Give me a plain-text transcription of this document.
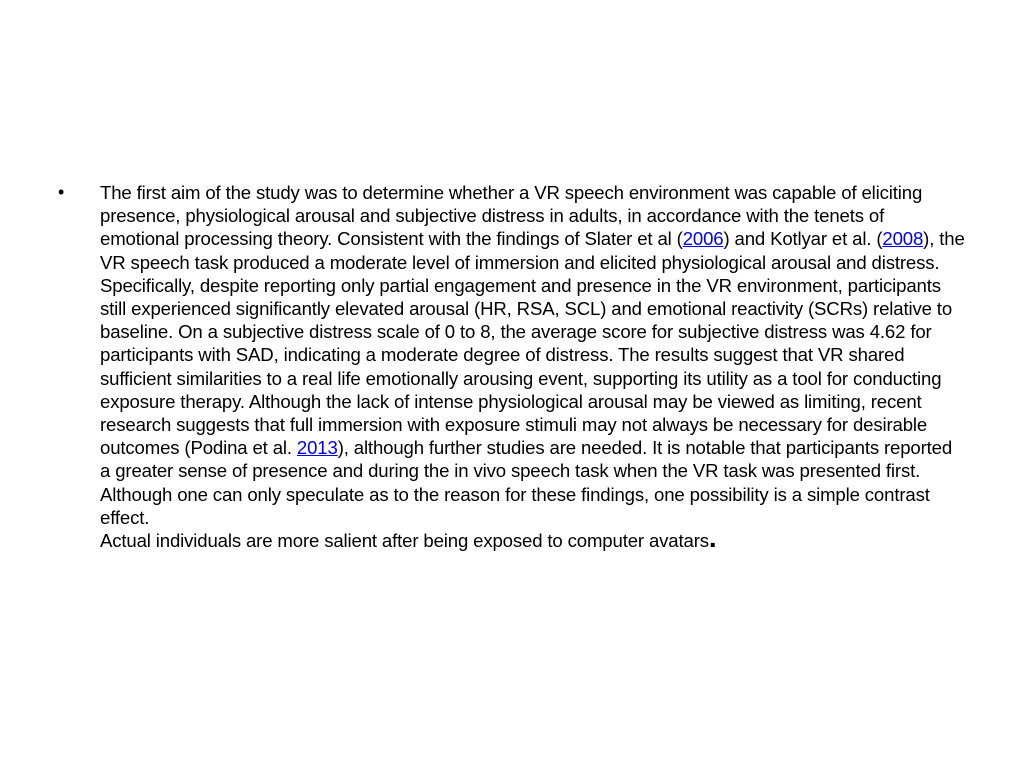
•	The first aim of the study was to determine whether a VR speech environment was capable of eliciting presence, physiological arousal and subjective distress in adults, in accordance with the tenets of emotional processing theory. Consistent with the findings of Slater et al (2006) and Kotlyar et al. (2008), the VR speech task produced a moderate level of immersion and elicited physiological arousal and distress. Specifically, despite reporting only partial engagement and presence in the VR environment, participants still experienced significantly elevated arousal (HR, RSA, SCL) and emotional reactivity (SCRs) relative to baseline. On a subjective distress scale of 0 to 8, the average score for subjective distress was 4.62 for participants with SAD, indicating a moderate degree of distress. The results suggest that VR shared sufficient similarities to a real life emotionally arousing event, supporting its utility as a tool for conducting exposure therapy. Although the lack of intense physiological arousal may be viewed as limiting, recent research suggests that full immersion with exposure stimuli may not always be necessary for desirable outcomes (Podina et al. 2013), although further studies are needed. It is notable that participants reported a greater sense of presence and during the in vivo speech task when the VR task was presented first. Although one can only speculate as to the reason for these findings, one possibility is a simple contrast effect.
Actual individuals are more salient after being exposed to computer avatars.
